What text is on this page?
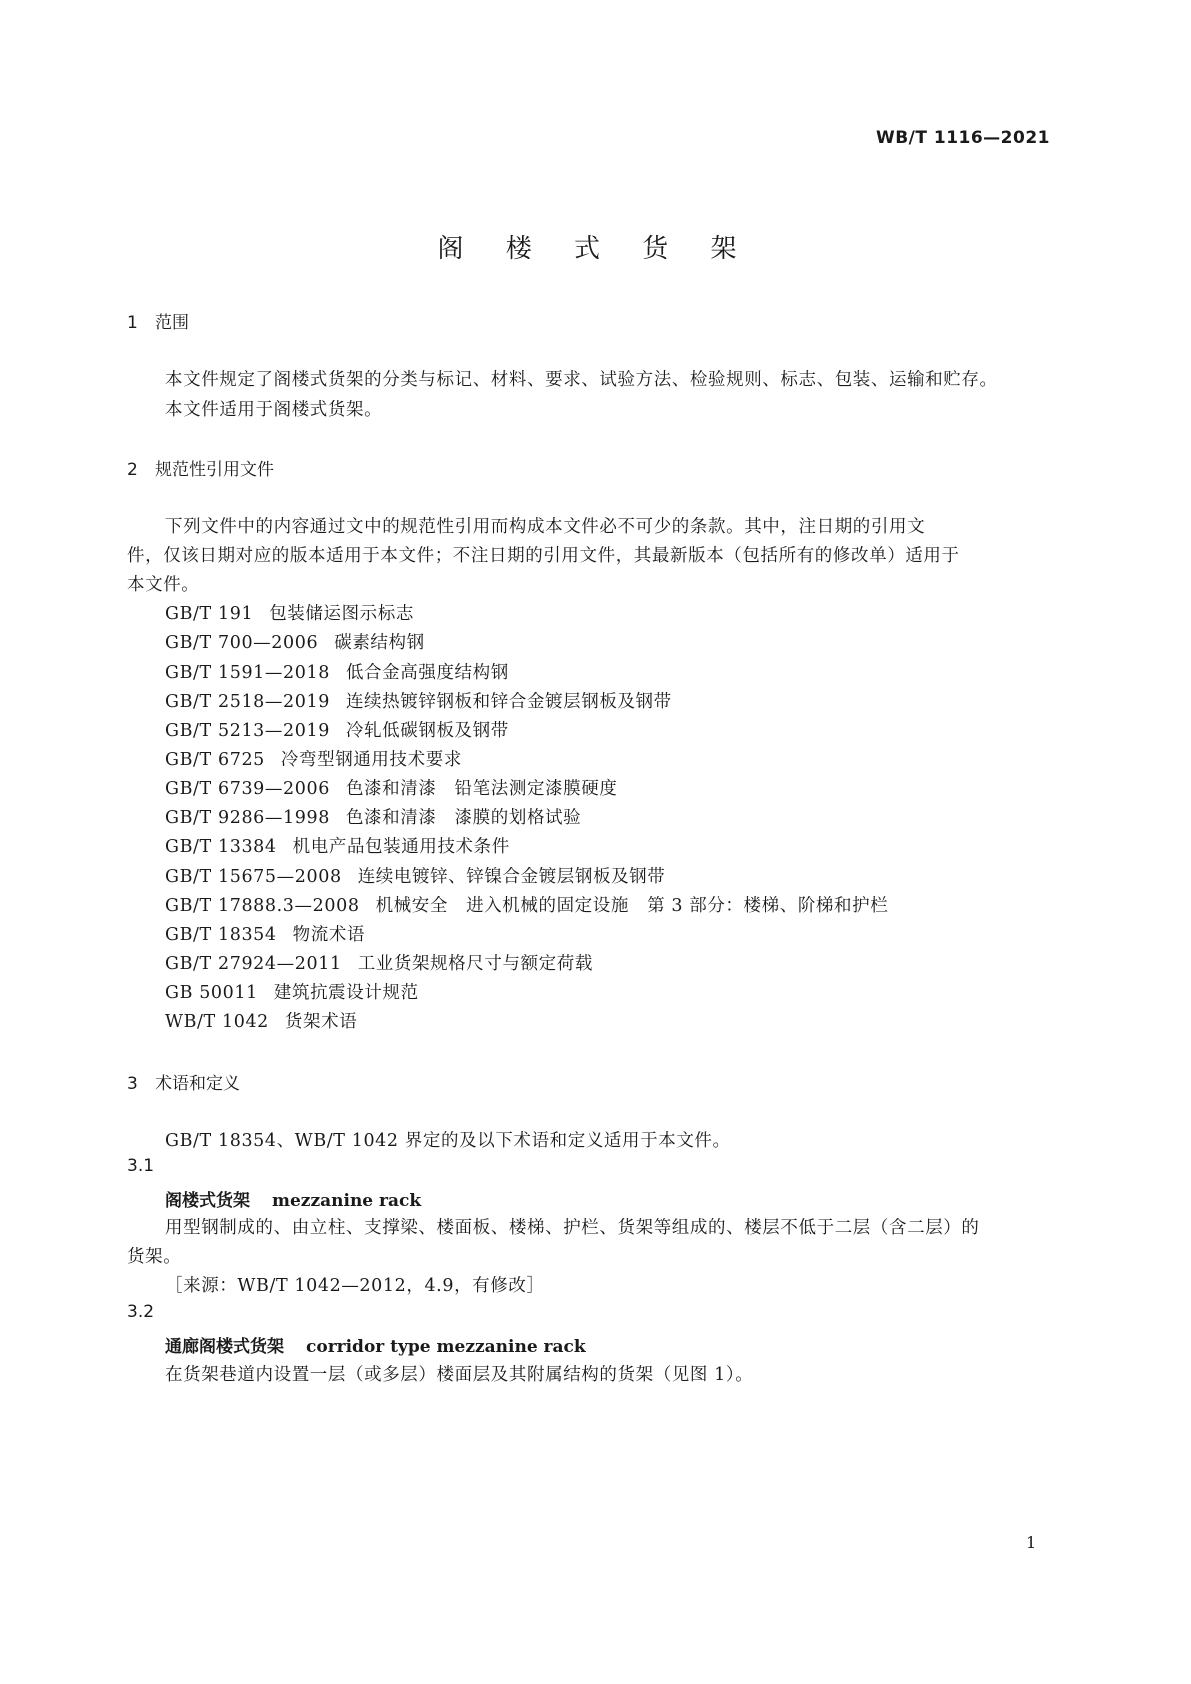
WB/T 1116—2021
阁 楼 式 货 架
1 范围
本文件规定了阁楼式货架的分类与标记、材料、要求、试验方法、检验规则、标志、包装、运输和贮存。
本文件适用于阁楼式货架。
2 规范性引用文件
下列文件中的内容通过文中的规范性引用而构成本文件必不可少的条款。其中，注日期的引用文
件，仅该日期对应的版本适用于本文件；不注日期的引用文件，其最新版本（包括所有的修改单）适用于
本文件。
GB/T 191 包装储运图示标志
GB/T 700—2006 碳素结构钢
GB/T 1591—2018 低合金高强度结构钢
GB/T 2518—2019 连续热镀锌钢板和锌合金镀层钢板及钢带
GB/T 5213—2019 冷轧低碳钢板及钢带
GB/T 6725 冷弯型钢通用技术要求
GB/T 6739—2006 色漆和清漆　铅笔法测定漆膜硬度
GB/T 9286—1998 色漆和清漆　漆膜的划格试验
GB/T 13384 机电产品包装通用技术条件
GB/T 15675—2008 连续电镀锌、锌镍合金镀层钢板及钢带
GB/T 17888.3—2008 机械安全　进入机械的固定设施　第 3 部分：楼梯、阶梯和护栏
GB/T 18354 物流术语
GB/T 27924—2011 工业货架规格尺寸与额定荷载
GB 50011 建筑抗震设计规范
WB/T 1042 货架术语
3 术语和定义
GB/T 18354、WB/T 1042 界定的及以下术语和定义适用于本文件。
3.1
阁楼式货架 mezzanine rack
用型钢制成的、由立柱、支撑梁、楼面板、楼梯、护栏、货架等组成的、楼层不低于二层（含二层）的
货架。
［来源：WB/T 1042—2012，4.9，有修改］
3.2
通廊阁楼式货架 corridor type mezzanine rack
在货架巷道内设置一层（或多层）楼面层及其附属结构的货架（见图 1）。
1
